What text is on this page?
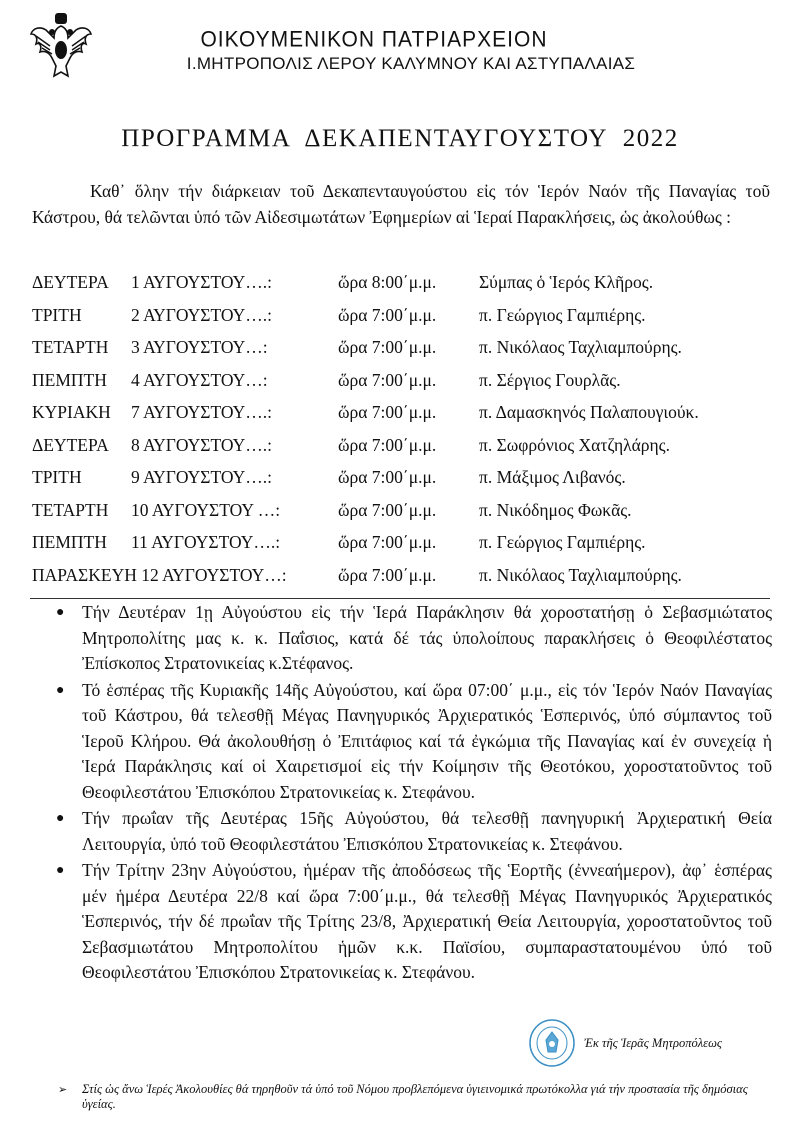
ΟΙΚΟΥΜΕΝΙΚΟΝ ΠΑΤΡΙΑΡΧΕΙΟΝ
Ι.ΜΗΤΡΟΠΟΛΙΣ ΛΕΡΟΥ ΚΑΛΥΜΝΟΥ ΚΑΙ ΑΣΤΥΠΑΛΑΙΑΣ
ΠΡΟΓΡΑΜΜΑ ΔΕΚΑΠΕΝΤΑΥΓΟΥΣΤΟΥ 2022
Καθ᾽ ὅλην τήν διάρκειαν τοῦ Δεκαπενταυγούστου εἰς τόν Ἱερόν Ναόν τῆς Παναγίας τοῦ Κάστρου, θά τελῶνται ὑπό τῶν Αἰδεσιμωτάτων Ἐφημερίων αἱ Ἱεραί Παρακλήσεις, ὡς ἀκολούθως :
ΔΕΥΤΕΡΑ 1 ΑΥΓΟΥΣΤΟΥ….:	ὥρα 8:00΄μ.μ. Σύμπας ὁ Ἱερός Κλῆρος.
ΤΡΙΤΗ	2 ΑΥΓΟΥΣΤΟΥ….:	ὥρα 7:00΄μ.μ. π. Γεώργιος Γαμπιέρης.
ΤΕΤΑΡΤΗ 3 ΑΥΓΟΥΣΤΟΥ…:	ὥρα 7:00΄μ.μ. π. Νικόλαος Ταχλιαμπούρης.
ΠΕΜΠΤΗ 4 ΑΥΓΟΥΣΤΟΥ…:	ὥρα 7:00΄μ.μ. π. Σέργιος Γουρλᾶς.
ΚΥΡΙΑΚΗ 7 ΑΥΓΟΥΣΤΟΥ….:	ὥρα 7:00΄μ.μ. π. Δαμασκηνός Παλαπουγιούκ.
ΔΕΥΤΕΡΑ 8 ΑΥΓΟΥΣΤΟΥ….:	ὥρα 7:00΄μ.μ. π. Σωφρόνιος Χατζηλάρης.
ΤΡΙΤΗ	9 ΑΥΓΟΥΣΤΟΥ….:	ὥρα 7:00΄μ.μ. π. Μάξιμος Λιβανός.
ΤΕΤΑΡΤΗ 10 ΑΥΓΟΥΣΤΟΥ …:	ὥρα 7:00΄μ.μ. π. Νικόδημος Φωκᾶς.
ΠΕΜΠΤΗ 11 ΑΥΓΟΥΣΤΟΥ….:	ὥρα 7:00΄μ.μ. π. Γεώργιος Γαμπιέρης.
ΠΑΡΑΣΚΕΥΗ 12 ΑΥΓΟΥΣΤΟΥ…:	ὥρα 7:00΄μ.μ. π. Νικόλαος Ταχλιαμπούρης.
● Τήν Δευτέραν 1ῃ Αὐγούστου εἰς τήν Ἱερά Παράκλησιν θά χοροστατήσῃ ὁ Σεβασμιώτατος Μητροπολίτης μας κ. κ. Παΐσιος, κατά δέ τάς ὑπολοίπους παρακλήσεις ὁ Θεοφιλέστατος Ἐπίσκοπος Στρατονικείας κ.Στέφανος.
● Τό ἑσπέρας τῆς Κυριακῆς 14ῆς Αὐγούστου, καί ὥρα 07:00΄ μ.μ., εἰς τόν Ἱερόν Ναόν Παναγίας τοῦ Κάστρου, θά τελεσθῇ Μέγας Πανηγυρικός Ἀρχιερατικός Ἑσπερινός, ὑπό σύμπαντος τοῦ Ἱεροῦ Κλήρου. Θά ἀκολουθήσῃ ὁ Ἐπιτάφιος καί τά ἐγκώμια τῆς Παναγίας καί ἐν συνεχείᾳ ἡ Ἱερά Παράκλησις καί οἱ Χαιρετισμοί εἰς τήν Κοίμησιν τῆς Θεοτόκου, χοροστατοῦντος τοῦ Θεοφιλεστάτου Ἐπισκόπου Στρατονικείας κ. Στεφάνου.
● Τήν πρωΐαν τῆς Δευτέρας 15ῆς Αὐγούστου, θά τελεσθῇ πανηγυρική Ἀρχιερατική Θεία Λειτουργία, ὑπό τοῦ Θεοφιλεστάτου Ἐπισκόπου Στρατονικείας κ. Στεφάνου.
● Τήν Τρίτην 23ην Αὐγούστου, ἡμέραν τῆς ἀποδόσεως τῆς Ἑορτῆς (ἐννεαήμερον), ἀφ᾽ ἑσπέρας μέν ἡμέρα Δευτέρα 22/8 καί ὥρα 7:00΄μ.μ., θά τελεσθῇ Μέγας Πανηγυρικός Ἀρχιερατικός Ἑσπερινός, τήν δέ πρωΐαν τῆς Τρίτης 23/8, Ἀρχιερατική Θεία Λειτουργία, χοροστατοῦντος τοῦ Σεβασμιωτάτου Μητροπολίτου ἡμῶν κ.κ. Παϊσίου, συμπαραστατουμένου ὑπό τοῦ Θεοφιλεστάτου Ἐπισκόπου Στρατονικείας κ. Στεφάνου.
Ἐκ τῆς Ἱερᾶς Μητροπόλεως
➢ Στίς ὡς ἄνω Ἱερές Ἀκολουθίες θά τηρηθοῦν τά ὑπό τοῦ Νόμου προβλεπόμενα ὑγιεινομικά πρωτόκολλα γιά τήν προστασία τῆς δημόσιας ὑγείας.
